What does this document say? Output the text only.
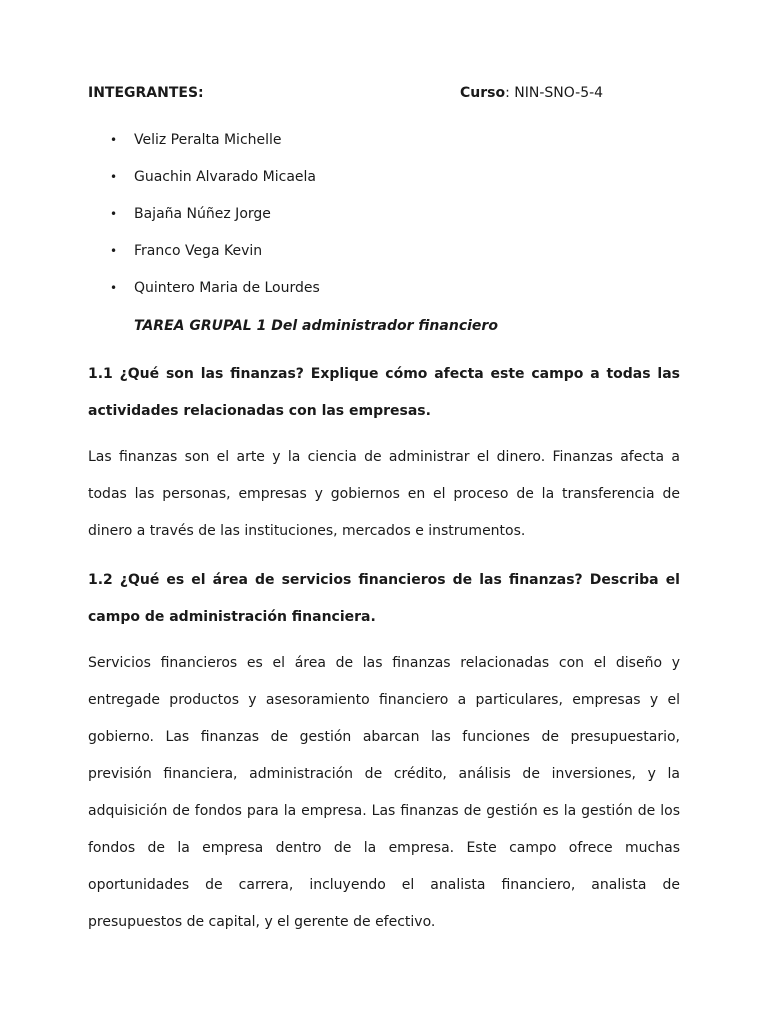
INTEGRANTES:	Curso: NIN-SNO-5-4
• Veliz Peralta Michelle
• Guachin Alvarado Micaela
• Bajaña Núñez Jorge
• Franco Vega Kevin
• Quintero Maria de Lourdes
TAREA GRUPAL 1 Del administrador financiero

1.1 ¿Qué son las finanzas? Explique cómo afecta este campo a todas las actividades relacionadas con las empresas.

Las finanzas son el arte y la ciencia de administrar el dinero. Finanzas afecta a todas las personas, empresas y gobiernos en el proceso de la transferencia de dinero a través de las instituciones, mercados e instrumentos.

1.2 ¿Qué es el área de servicios financieros de las finanzas? Describa el campo de administración financiera.

Servicios financieros es el área de las finanzas relacionadas con el diseño y entregade productos y asesoramiento financiero a particulares, empresas y el gobierno. Las finanzas de gestión abarcan las funciones de presupuestario, previsión financiera, administración de crédito, análisis de inversiones, y la adquisición de fondos para la empresa. Las finanzas de gestión es la gestión de los fondos de la empresa dentro de la empresa. Este campo ofrece muchas oportunidades de carrera, incluyendo el analista financiero, analista de presupuestos de capital, y el gerente de efectivo.
